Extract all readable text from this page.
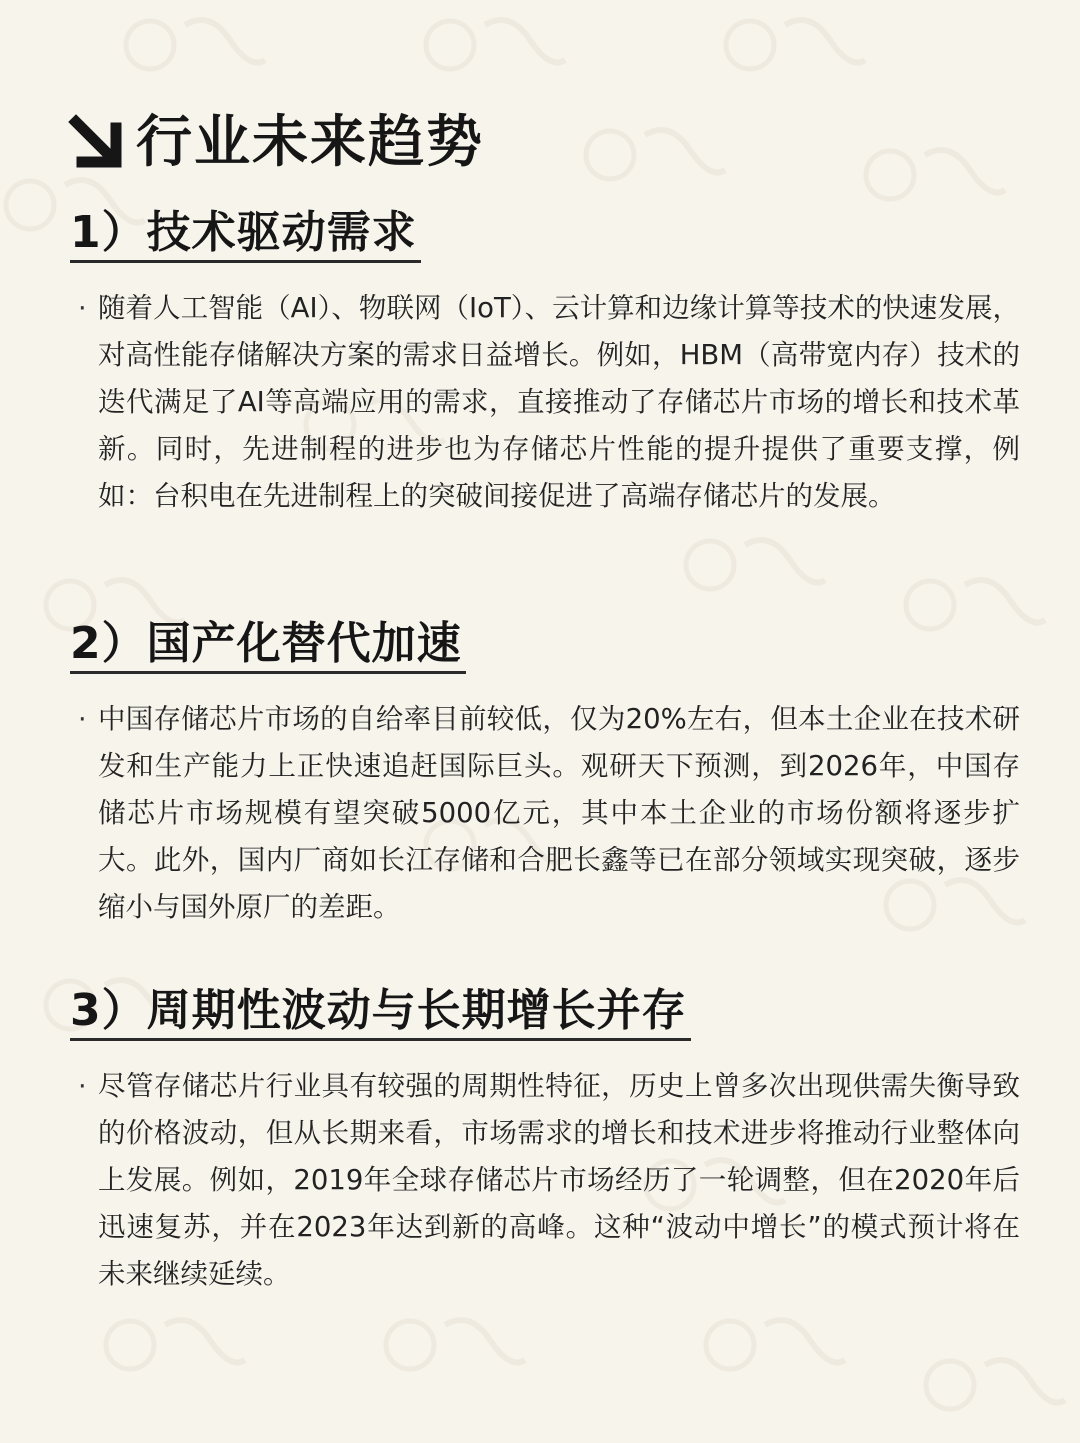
行业未来趋势
1）技术驱动需求
· 随着人工智能（AI）、物联网（IoT）、云计算和边缘计算等技术的快速发展，对高性能存储解决方案的需求日益增长。例如，HBM（高带宽内存）技术的迭代满足了AI等高端应用的需求，直接推动了存储芯片市场的增长和技术革新。同时，先进制程的进步也为存储芯片性能的提升提供了重要支撑，例如：台积电在先进制程上的突破间接促进了高端存储芯片的发展。
2）国产化替代加速
· 中国存储芯片市场的自给率目前较低，仅为20%左右，但本土企业在技术研发和生产能力上正快速追赶国际巨头。观研天下预测，到2026年，中国存储芯片市场规模有望突破5000亿元，其中本土企业的市场份额将逐步扩大。此外，国内厂商如长江存储和合肥长鑫等已在部分领域实现突破，逐步缩小与国外原厂的差距。
3）周期性波动与长期增长并存
· 尽管存储芯片行业具有较强的周期性特征，历史上曾多次出现供需失衡导致的价格波动，但从长期来看，市场需求的增长和技术进步将推动行业整体向上发展。例如，2019年全球存储芯片市场经历了一轮调整，但在2020年后迅速复苏，并在2023年达到新的高峰。这种“波动中增长”的模式预计将在未来继续延续。
